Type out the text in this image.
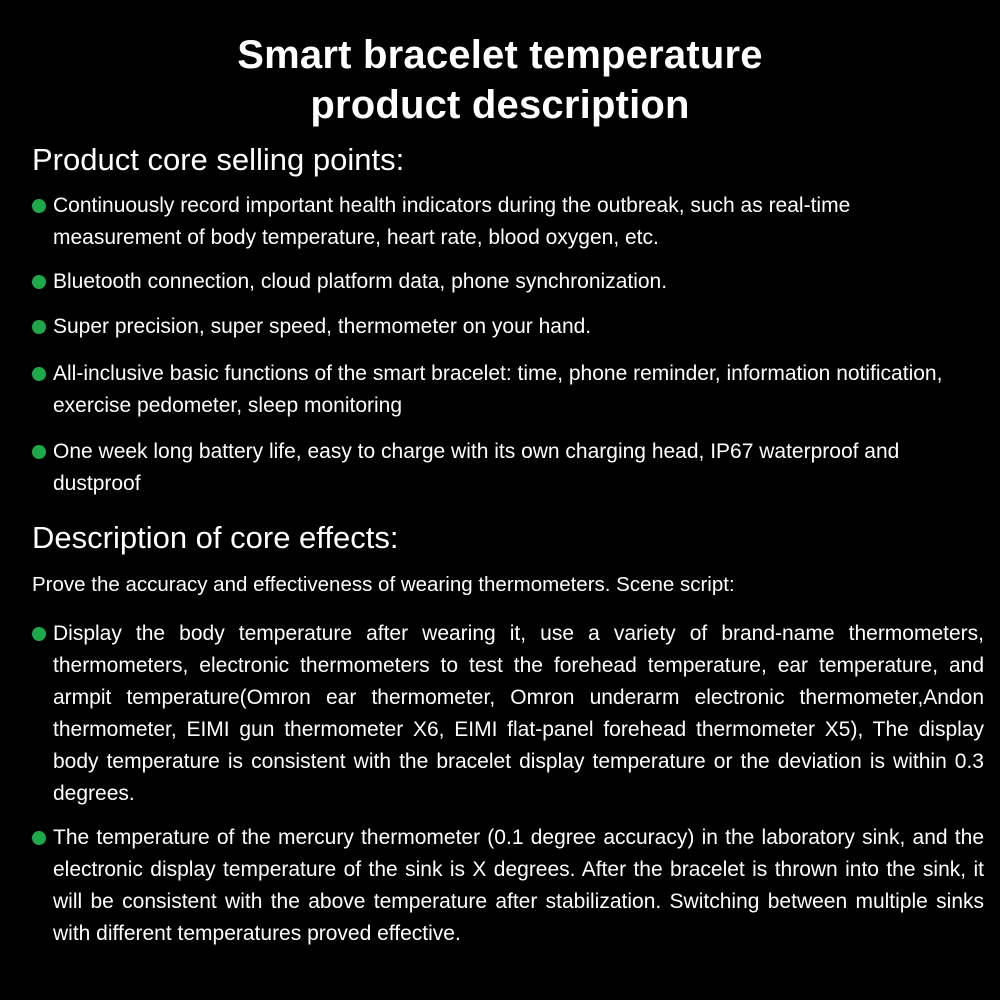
Smart bracelet temperature
product description
Product core selling points:
Continuously record important health indicators during the outbreak, such as real-time measurement of body temperature, heart rate, blood oxygen, etc.
Bluetooth connection, cloud platform data, phone synchronization.
Super precision, super speed, thermometer on your hand.
All-inclusive basic functions of the smart bracelet: time, phone reminder, information notification, exercise pedometer, sleep monitoring
One week long battery life, easy to charge with its own charging head, IP67 waterproof and dustproof
Description of core effects:
Prove the accuracy and effectiveness of wearing thermometers. Scene script:
Display the body temperature after wearing it, use a variety of brand-name thermometers, thermometers, electronic thermometers to test the forehead temperature, ear temperature, and armpit temperature(Omron ear thermometer, Omron underarm electronic thermometer,Andon thermometer, EIMI gun thermometer X6, EIMI flat-panel forehead thermometer X5), The display body temperature is consistent with the bracelet display temperature or the deviation is within 0.3 degrees.
The temperature of the mercury thermometer (0.1 degree accuracy) in the laboratory sink, and the electronic display temperature of the sink is X degrees. After the bracelet is thrown into the sink, it will be consistent with the above temperature after stabilization. Switching between multiple sinks with different temperatures proved effective.
